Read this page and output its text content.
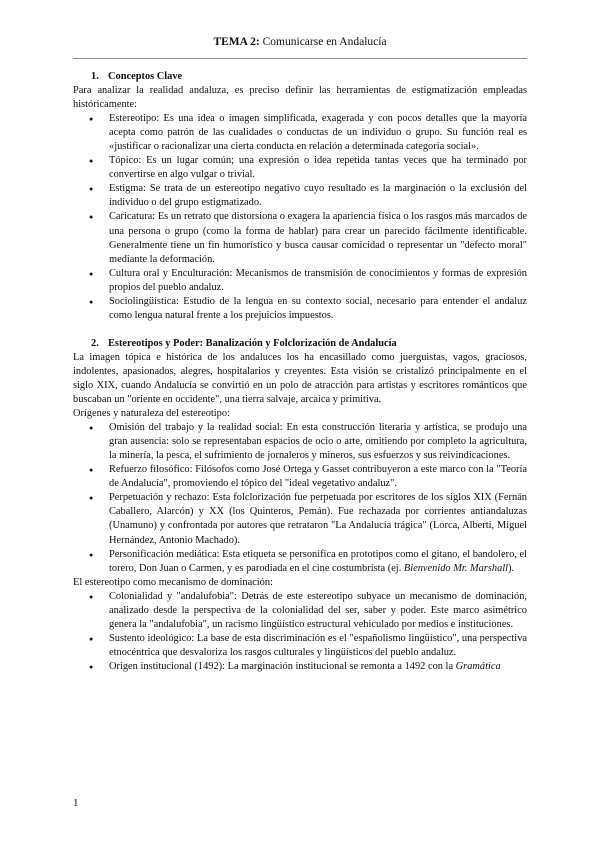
TEMA 2: Comunicarse en Andalucía
1. Conceptos Clave

Para analizar la realidad andaluza, es preciso definir las herramientas de estigmatización empleadas históricamente:

● Estereotipo: Es una idea o imagen simplificada, exagerada y con pocos detalles que la mayoría acepta como patrón de las cualidades o conductas de un individuo o grupo. Su función real es «justificar o racionalizar una cierta conducta en relación a determinada categoría social».
● Tópico: Es un lugar común; una expresión o idea repetida tantas veces que ha terminado por convertirse en algo vulgar o trivial.
● Estigma: Se trata de un estereotipo negativo cuyo resultado es la marginación o la exclusión del individuo o del grupo estigmatizado.
● Caricatura: Es un retrato que distorsiona o exagera la apariencia física o los rasgos más marcados de una persona o grupo (como la forma de hablar) para crear un parecido fácilmente identificable. Generalmente tiene un fin humorístico y busca causar comicidad o representar un "defecto moral" mediante la deformación.
● Cultura oral y Enculturación: Mecanismos de transmisión de conocimientos y formas de expresión propios del pueblo andaluz.
● Sociolingüística: Estudio de la lengua en su contexto social, necesario para entender el andaluz como lengua natural frente a los prejuicios impuestos.
2. Estereotipos y Poder: Banalización y Folclorización de Andalucía

La imagen tópica e histórica de los andaluces los ha encasillado como juerguistas, vagos, graciosos, indolentes, apasionados, alegres, hospitalarios y creyentes. Esta visión se cristalizó principalmente en el siglo XIX, cuando Andalucía se convirtió en un polo de atracción para artistas y escritores románticos que buscaban un "oriente en occidente", una tierra salvaje, arcaica y primitiva.

Orígenes y naturaleza del estereotipo:

● Omisión del trabajo y la realidad social: En esta construcción literaria y artística, se produjo una gran ausencia: solo se representaban espacios de ocio o arte, omitiendo por completo la agricultura, la minería, la pesca, el sufrimiento de jornaleros y mineros, sus esfuerzos y sus reivindicaciones.
● Refuerzo filosófico: Filósofos como José Ortega y Gasset contribuyeron a este marco con la "Teoría de Andalucía", promoviendo el tópico del "ideal vegetativo andaluz".
● Perpetuación y rechazo: Esta folclorización fue perpetuada por escritores de los siglos XIX (Fernán Caballero, Alarcón) y XX (los Quinteros, Pemán). Fue rechazada por corrientes antiandaluzas (Unamuno) y confrontada por autores que retrataron "La Andalucía trágica" (Lorca, Alberti, Miguel Hernández, Antonio Machado).
● Personificación mediática: Esta etiqueta se personifica en prototipos como el gitano, el bandolero, el torero, Don Juan o Carmen, y es parodiada en el cine costumbrista (ej. Bienvenido Mr. Marshall).

El estereotipo como mecanismo de dominación:

● Colonialidad y "andalufobia": Detrás de este estereotipo subyace un mecanismo de dominación, analizado desde la perspectiva de la colonialidad del ser, saber y poder. Este marco asimétrico genera la "andalufobia", un racismo lingüístico estructural vehiculado por medios e instituciones.
● Sustento ideológico: La base de esta discriminación es el "españolismo lingüístico", una perspectiva etnocéntrica que desvaloriza los rasgos culturales y lingüísticos del pueblo andaluz.
● Origen institucional (1492): La marginación institucional se remonta a 1492 con la Gramática
1
